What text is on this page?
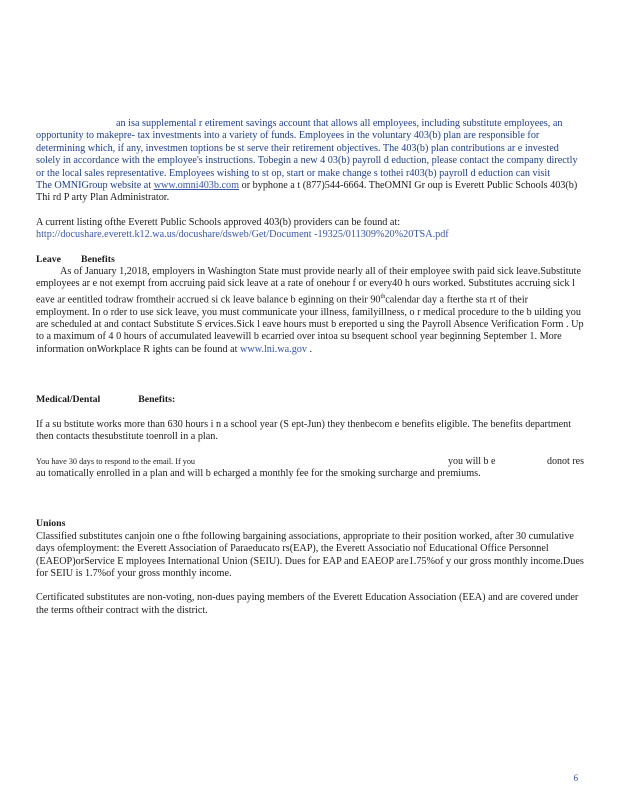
an isa supplemental r etirement savings account that allows all employees, including substitute employees, an opportunity to makepre- tax investments into a variety of funds. Employees in the voluntary 403(b) plan are responsible for determining which, if any, investmen toptions be st serve their retirement objectives. The 403(b) plan contributions ar e invested solely in accordance with the employee's instructions. Tobegin a new 4 03(b) payroll d eduction, please contact the company directly or the local sales representative. Employees wishing to st op, start or make change s tothei r403(b) payroll d eduction can visit

The OMNIGroup website at www.omni403b.com or byphone a t (877)544-6664. TheOMNI Gr oup is Everett Public Schools 403(b) Thi rd P arty Plan Administrator.

A current listing ofthe Everett Public Schools approved 403(b) providers can be found at:

http://docushare.everett.k12.wa.us/docushare/dsweb/Get/Document -19325/011309%20%20TSA.pdf

Leave Benefits

As of January 1,2018, employers in Washington State must provide nearly all of their employee swith paid sick leave.Substitute employees ar e not exempt from accruing paid sick leave at a rate of onehour f or every40 h ours worked. Substitutes accruing sick l eave ar eentitled todraw fromtheir accrued si ck leave balance b eginning on their 90thcalendar day a fterthe sta rt of their employment. In o rder to use sick leave, you must communicate your illness, familyillness, o r medical procedure to the b uilding you are scheduled at and contact Substitute S ervices.Sick l eave hours must b ereported u sing the Payroll Absence Verification Form . Up to a maximum of 4 0 hours of accumulated leavewill b ecarried over intoa su bsequent school year beginning September 1. More information onWorkplace R ights can be found at www.lni.wa.gov .

Medical/Dental	Benefits:

If a su bstitute works more than 630 hours i n a school year (S ept-Jun) they thenbecom e benefits eligible. The benefits department then contacts thesubstitute toenroll in a plan.

You have 30 days to respond to the email. If you	you will b e	donot res

au tomatically enrolled in a plan and will b echarged a monthly fee for the smoking surcharge and premiums.

Unions

Classified substitutes canjoin one o fthe following bargaining associations, appropriate to their position worked, after 30 cumulative days ofemployment: the Everett Association of Paraeducato rs(EAP), the Everett Associatio nof Educational Office Personnel (EAEOP)orService E mployees International Union (SEIU). Dues for EAP and EAEOP are1.75%of y our gross monthly income.Dues for SEIU is 1.7%of your gross monthly income.

Certificated substitutes are non-voting, non-dues paying members of the Everett Education Association (EEA) and are covered under the terms oftheir contract with the district.

6
